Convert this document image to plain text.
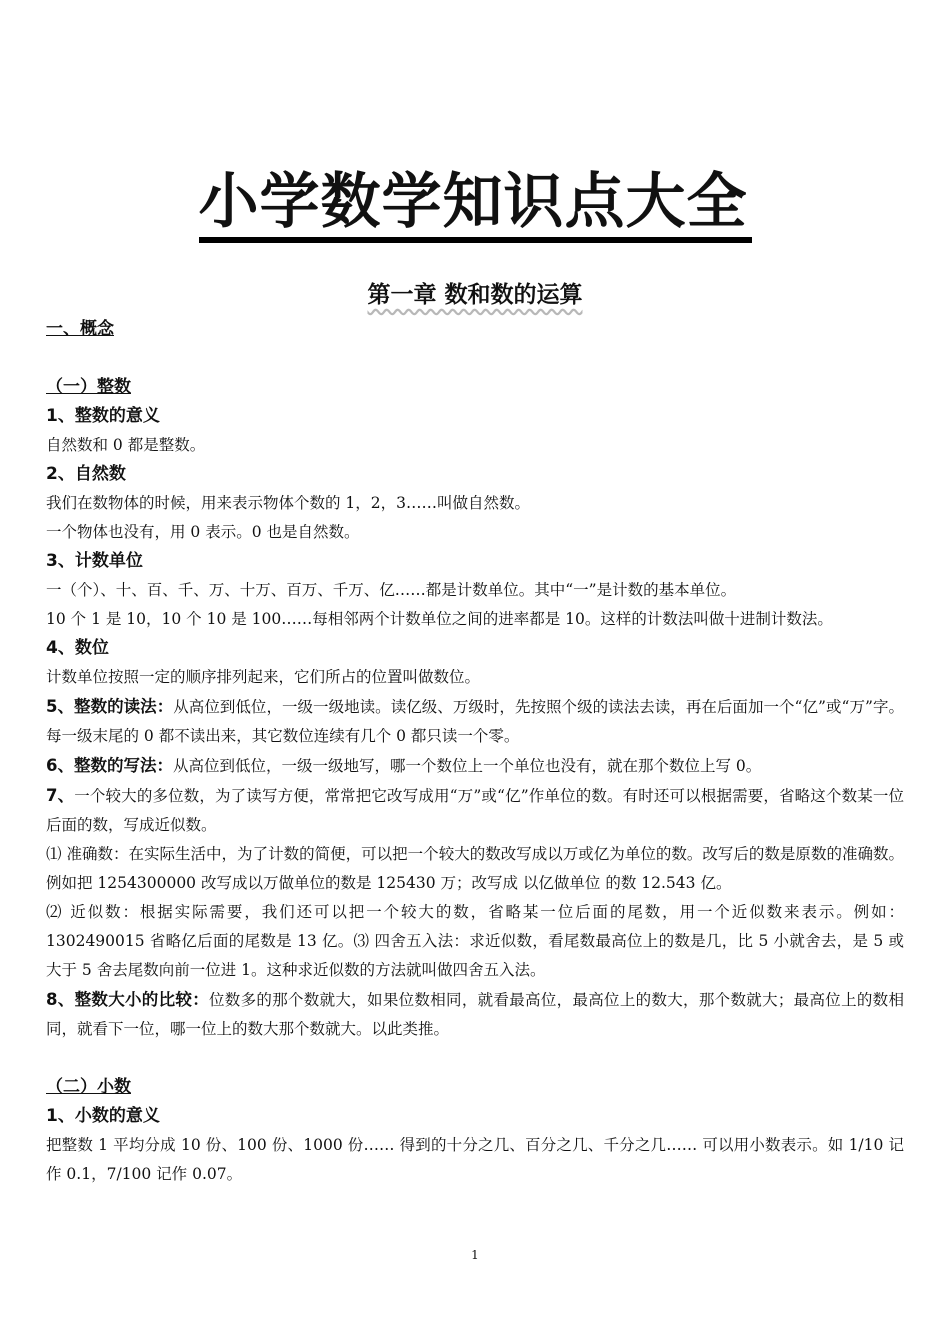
小学数学知识点大全
第一章 数和数的运算
一、概念
（一）整数
1、整数的意义
自然数和 0 都是整数。
2、自然数
我们在数物体的时候，用来表示物体个数的 1，2，3……叫做自然数。
一个物体也没有，用 0 表示。0 也是自然数。
3、计数单位
一（个）、十、百、千、万、十万、百万、千万、亿……都是计数单位。其中“一”是计数的基本单位。
10 个 1 是 10，10 个 10 是 100……每相邻两个计数单位之间的进率都是 10。这样的计数法叫做十进制计数法。
4、数位
计数单位按照一定的顺序排列起来，它们所占的位置叫做数位。
5、整数的读法：从高位到低位，一级一级地读。读亿级、万级时，先按照个级的读法去读，再在后面加一个“亿”或“万”字。每一级末尾的 0 都不读出来，其它数位连续有几个 0 都只读一个零。
6、整数的写法：从高位到低位，一级一级地写，哪一个数位上一个单位也没有，就在那个数位上写 0。
7、一个较大的多位数，为了读写方便，常常把它改写成用“万”或“亿”作单位的数。有时还可以根据需要，省略这个数某一位后面的数，写成近似数。
⑴ 准确数：在实际生活中，为了计数的简便，可以把一个较大的数改写成以万或亿为单位的数。改写后的数是原数的准确数。 例如把 1254300000 改写成以万做单位的数是 125430 万；改写成 以亿做单位 的数 12.543 亿。
⑵ 近似数：根据实际需要，我们还可以把一个较大的数，省略某一位后面的尾数，用一个近似数来表示。例如： 1302490015 省略亿后面的尾数是 13 亿。⑶ 四舍五入法：求近似数，看尾数最高位上的数是几，比 5 小就舍去，是 5 或大于 5 舍去尾数向前一位进 1。这种求近似数的方法就叫做四舍五入法。
8、整数大小的比较：位数多的那个数就大，如果位数相同，就看最高位，最高位上的数大，那个数就大；最高位上的数相同，就看下一位，哪一位上的数大那个数就大。以此类推。
（二）小数
1、小数的意义
把整数 1 平均分成 10 份、100 份、1000 份…… 得到的十分之几、百分之几、千分之几…… 可以用小数表示。如 1/10 记作 0.1，7/100 记作 0.07。
1
